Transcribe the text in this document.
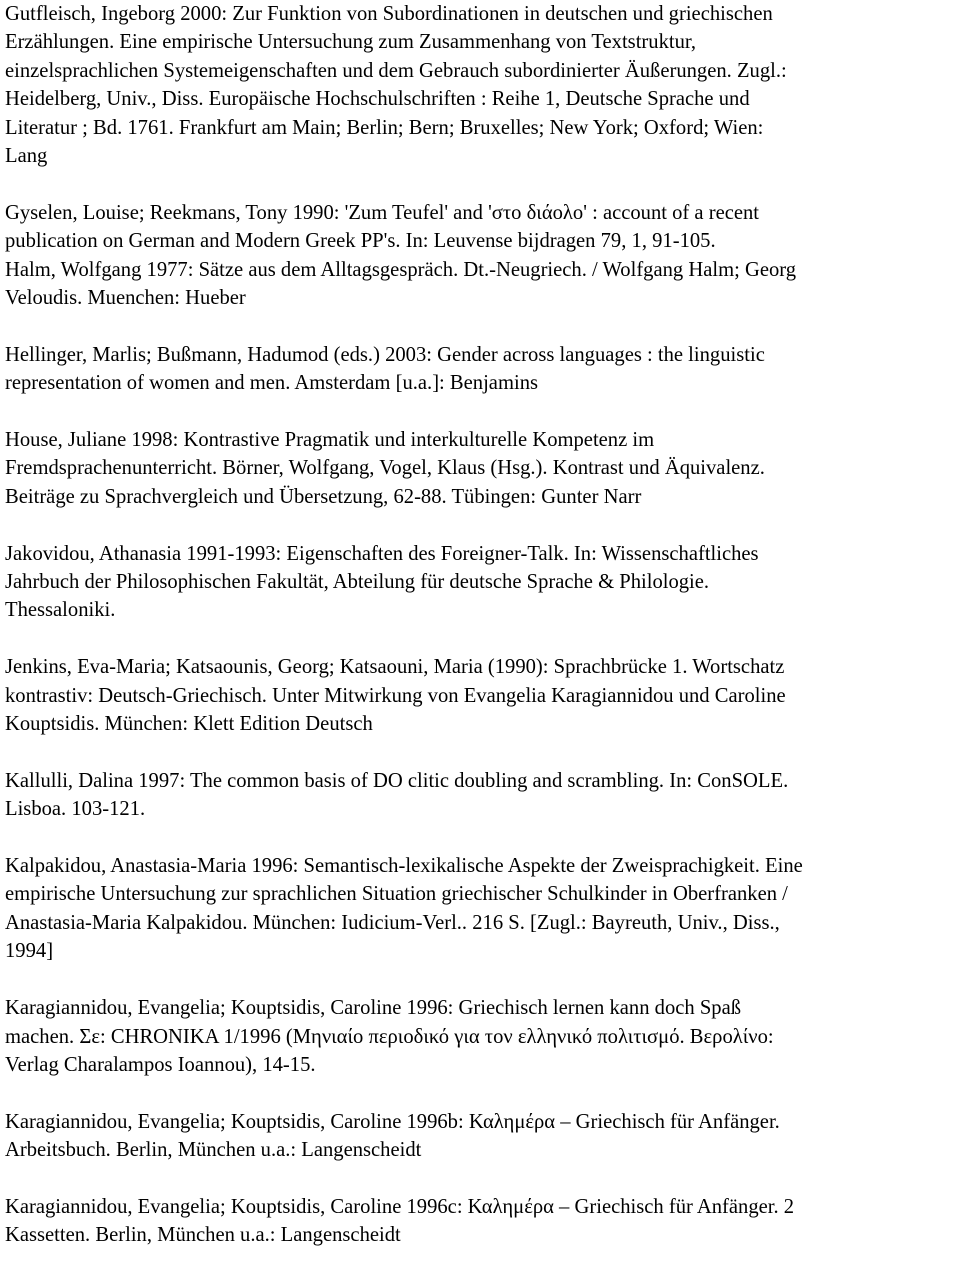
Gutfleisch, Ingeborg 2000: Zur Funktion von Subordinationen in deutschen und griechischen
Erzählungen. Eine empirische Untersuchung zum Zusammenhang von Textstruktur,
einzelsprachlichen Systemeigenschaften und dem Gebrauch subordinierter Äußerungen. Zugl.:
Heidelberg, Univ., Diss. Europäische Hochschulschriften : Reihe 1, Deutsche Sprache und
Literatur ; Bd. 1761. Frankfurt am Main; Berlin; Bern; Bruxelles; New York; Oxford; Wien:
Lang
Gyselen, Louise; Reekmans, Tony 1990: 'Zum Teufel' and 'στο διάολο' : account of a recent
publication on German and Modern Greek PP's. In: Leuvense bijdragen 79, 1, 91-105.
Halm, Wolfgang 1977: Sätze aus dem Alltagsgespräch. Dt.-Neugriech. / Wolfgang Halm; Georg
Veloudis. Muenchen: Hueber
Hellinger, Marlis; Bußmann, Hadumod (eds.) 2003: Gender across languages : the linguistic
representation of women and men. Amsterdam [u.a.]: Benjamins
House, Juliane 1998: Kontrastive Pragmatik und interkulturelle Kompetenz im
Fremdsprachenunterricht. Börner, Wolfgang, Vogel, Klaus (Hsg.). Kontrast und Äquivalenz.
Beiträge zu Sprachvergleich und Übersetzung, 62-88. Tübingen: Gunter Narr
Jakovidou, Athanasia 1991-1993: Eigenschaften des Foreigner-Talk. In: Wissenschaftliches
Jahrbuch der Philosophischen Fakultät, Abteilung für deutsche Sprache & Philologie.
Thessaloniki.
Jenkins, Eva-Maria; Katsaounis, Georg; Katsaouni, Maria (1990): Sprachbrücke 1. Wortschatz
kontrastiv: Deutsch-Griechisch. Unter Mitwirkung von Evangelia Karagiannidou und Caroline
Kouptsidis. München: Klett Edition Deutsch
Kallulli, Dalina 1997: The common basis of DO clitic doubling and scrambling. In: ConSOLE.
Lisboa. 103-121.
Kalpakidou, Anastasia-Maria 1996: Semantisch-lexikalische Aspekte der Zweisprachigkeit. Eine
empirische Untersuchung zur sprachlichen Situation griechischer Schulkinder in Oberfranken /
Anastasia-Maria Kalpakidou. München: Iudicium-Verl.. 216 S. [Zugl.: Bayreuth, Univ., Diss.,
1994]
Karagiannidou, Evangelia; Kouptsidis, Caroline 1996: Griechisch lernen kann doch Spaß
machen. Σε: CHRONIKA 1/1996 (Μηνιαίο περιοδικό για τον ελληνικό πολιτισμό. Βερολίνο:
Verlag Charalampos Ioannou), 14-15.
Karagiannidou, Evangelia; Kouptsidis, Caroline 1996b: Καλημέρα – Griechisch für Anfänger.
Arbeitsbuch. Berlin, München u.a.: Langenscheidt
Karagiannidou, Evangelia; Kouptsidis, Caroline 1996c: Καλημέρα – Griechisch für Anfänger. 2
Kassetten. Berlin, München u.a.: Langenscheidt
